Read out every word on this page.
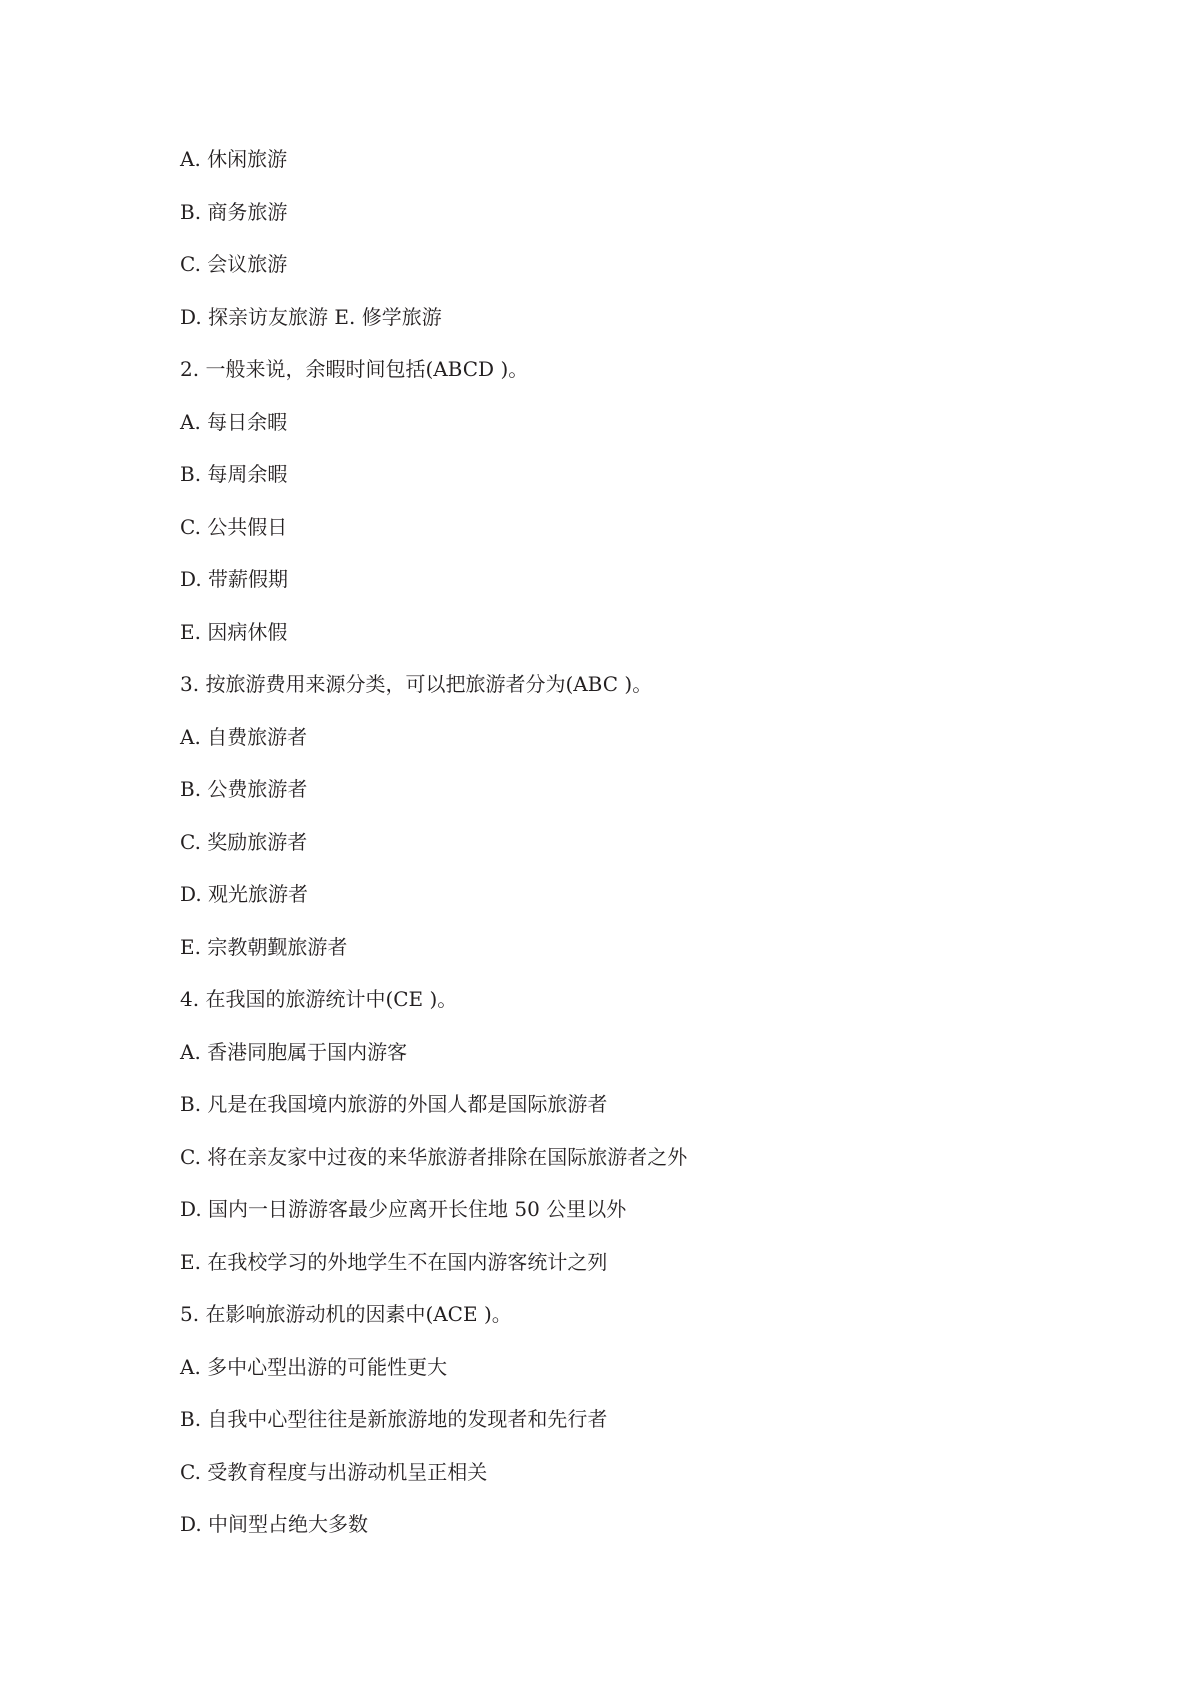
A. 休闲旅游
B. 商务旅游
C. 会议旅游
D. 探亲访友旅游 E. 修学旅游
2. 一般来说，余暇时间包括(ABCD )。
A. 每日余暇
B. 每周余暇
C. 公共假日
D. 带薪假期
E. 因病休假
3. 按旅游费用来源分类，可以把旅游者分为(ABC )。
A. 自费旅游者
B. 公费旅游者
C. 奖励旅游者
D. 观光旅游者
E. 宗教朝觐旅游者
4. 在我国的旅游统计中(CE )。
A. 香港同胞属于国内游客
B. 凡是在我国境内旅游的外国人都是国际旅游者
C. 将在亲友家中过夜的来华旅游者排除在国际旅游者之外
D. 国内一日游游客最少应离开长住地 50 公里以外
E. 在我校学习的外地学生不在国内游客统计之列
5. 在影响旅游动机的因素中(ACE )。
A. 多中心型出游的可能性更大
B. 自我中心型往往是新旅游地的发现者和先行者
C. 受教育程度与出游动机呈正相关
D. 中间型占绝大多数
